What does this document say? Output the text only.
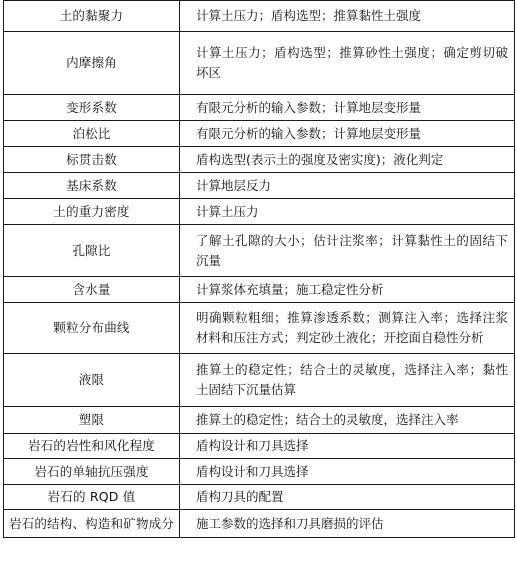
土的黏聚力	计算土压力；盾构选型；推算黏性土强度

内摩擦角	计算土压力；盾构选型；推算砂性土强度；确定剪切破坏区

变形系数	有限元分析的输入参数；计算地层变形量

泊松比	有限元分析的输入参数；计算地层变形量

标贯击数	盾构选型(表示土的强度及密实度)；液化判定

基床系数	计算地层反力

土的重力密度	计算土压力

孔隙比	了解土孔隙的大小；估计注浆率；计算黏性土的固结下沉量

含水量	计算浆体充填量；施工稳定性分析

颗粒分布曲线	明确颗粒粗细；推算渗透系数；测算注入率；选择注浆材料和压注方式；判定砂土液化；开挖面自稳性分析

液限	推算土的稳定性；结合土的灵敏度，选择注入率；黏性土固结下沉量估算

塑限	推算土的稳定性；结合土的灵敏度，选择注入率

岩石的岩性和风化程度	盾构设计和刀具选择

岩石的单轴抗压强度	盾构设计和刀具选择

岩石的 RQD 值	盾构刀具的配置

岩石的结构、构造和矿物成分	施工参数的选择和刀具磨损的评估
